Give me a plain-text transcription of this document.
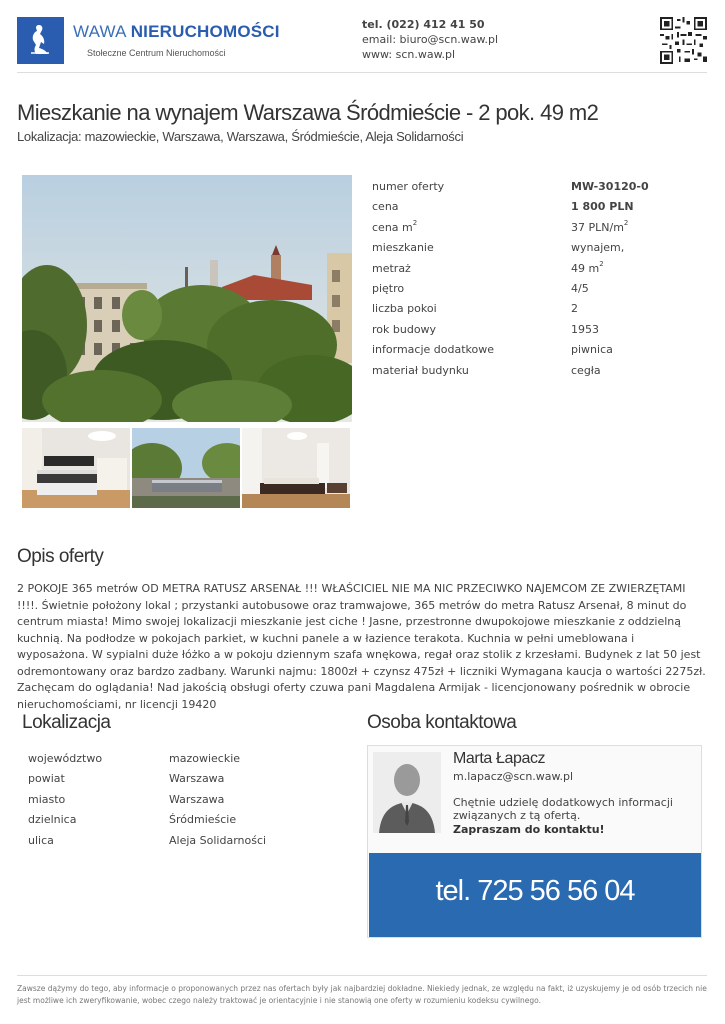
WAWA NIERUCHOMOŚCI
Stołeczne Centrum Nieruchomości
tel. (022) 412 41 50
email: biuro@scn.waw.pl
www: scn.waw.pl
Mieszkanie na wynajem Warszawa Śródmieście - 2 pok. 49 m2
Lokalizacja: mazowieckie, Warszawa, Warszawa, Śródmieście, Aleja Solidarności
numer oferty	MW-30120-0
cena	1 800 PLN
cena $m^2$	37 PLN/$m^2$
mieszkanie	wynajem,
metraż	49 $m^2$
piętro	4/5
liczba pokoi	2
rok budowy	1953
informacje dodatkowe	piwnica
materiał budynku	cegła
Opis oferty
2 POKOJE 365 metrów OD METRA RATUSZ ARSENAŁ !!! WŁAŚCICIEL NIE MA NIC PRZECIWKO NAJEMCOM ZE ZWIERZĘTAMI !!!!. Świetnie położony lokal ; przystanki autobusowe oraz tramwajowe, 365 metrów do metra Ratusz Arsenał, 8 minut do centrum miasta! Mimo swojej lokalizacji mieszkanie jest ciche ! Jasne, przestronne dwupokojowe mieszkanie z oddzielną kuchnią. Na podłodze w pokojach parkiet, w kuchni panele a w łazience terakota. Kuchnia w pełni umeblowana i wyposażona. W sypialni duże łóżko a w pokoju dziennym szafa wnękowa, regał oraz stolik z krzesłami. Budynek z lat 50 jest odremontowany oraz bardzo zadbany. Warunki najmu: 1800zł + czynsz 475zł + liczniki Wymagana kaucja o wartości 2275zł. Zachęcam do oglądania! Nad jakością obsługi oferty czuwa pani Magdalena Armijak - licencjonowany pośrednik w obrocie nieruchomościami, nr licencji 19420
Lokalizacja
województwo	mazowieckie
powiat	Warszawa
miasto	Warszawa
dzielnica	Śródmieście
ulica	Aleja Solidarności
Osoba kontaktowa
Marta Łapacz
m.lapacz@scn.waw.pl
Chętnie udzielę dodatkowych informacji związanych z tą ofertą.
Zapraszam do kontaktu!
tel. 725 56 56 04
Zawsze dążymy do tego, aby informacje o proponowanych przez nas ofertach były jak najbardziej dokładne. Niekiedy jednak, ze względu na fakt, iż uzyskujemy je od osób trzecich nie jest możliwe ich zweryfikowanie, wobec czego należy traktować je orientacyjnie i nie stanowią one oferty w rozumieniu kodeksu cywilnego.
